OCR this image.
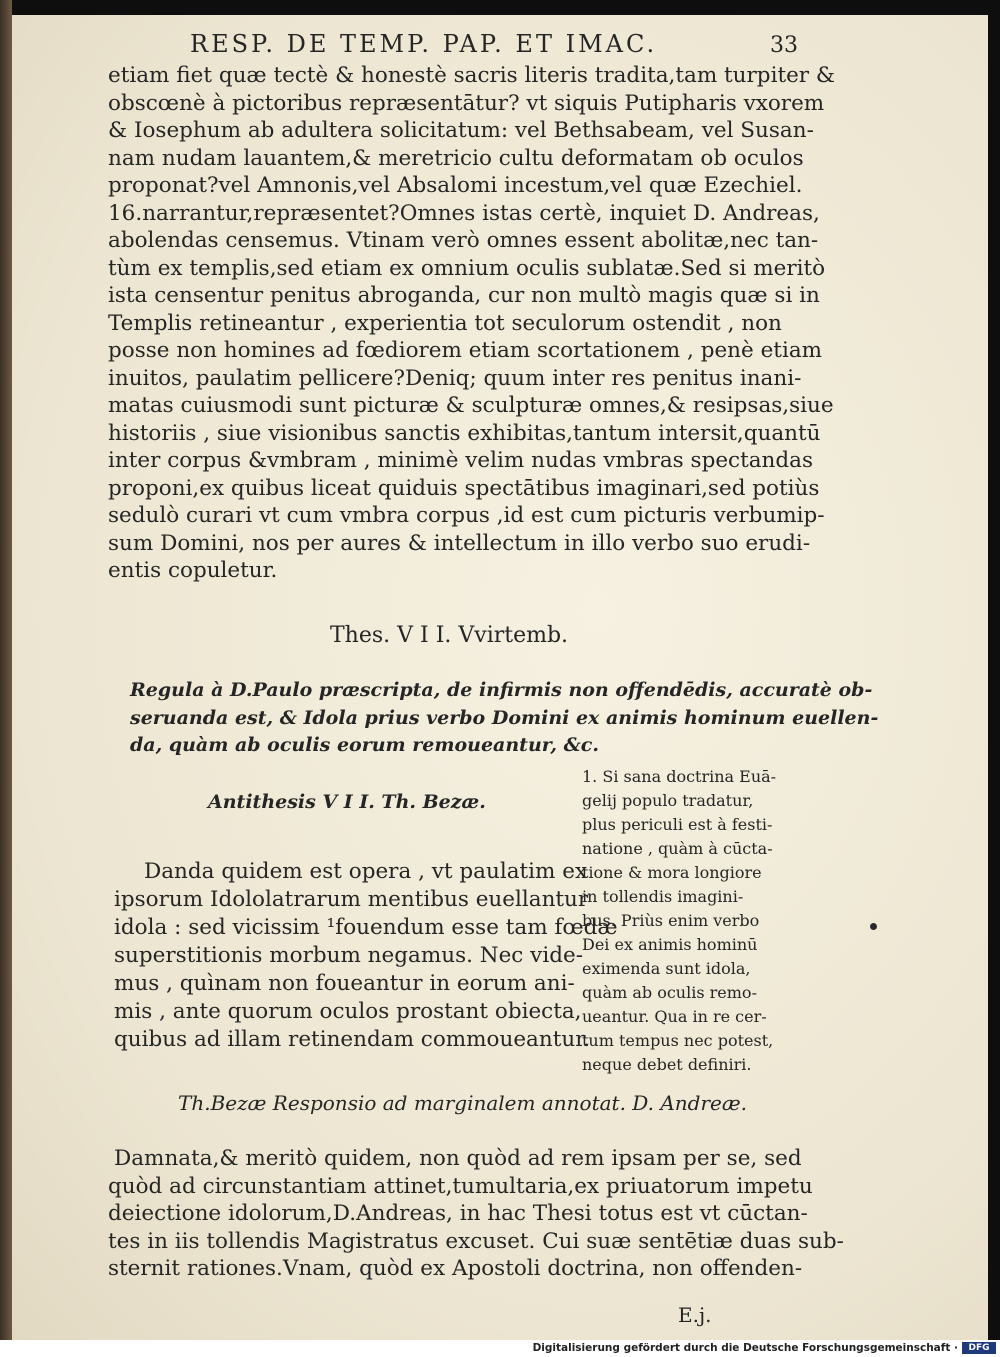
RESP. DE TEMP. PAP. ET IMAC.	33
etiam fiet quæ tectè & honestè sacris literis tradita,tam turpiter &
obscœnè à pictoribus repræsentātur? vt siquis Putipharis vxorem
& Iosephum ab adultera solicitatum: vel Bethsabeam, vel Susan-
nam nudam lauantem,& meretricio cultu deformatam ob oculos
proponat?vel Amnonis,vel Absalomi incestum,vel quæ Ezechiel.
16.narrantur,repræsentet?Omnes istas certè, inquiet D. Andreas,
abolendas censemus. Vtinam verò omnes essent abolitæ,nec tan-
tùm ex templis,sed etiam ex omnium oculis sublatæ.Sed si meritò
ista censentur penitus abroganda, cur non multò magis quæ si in
Templis retineantur , experientia tot seculorum ostendit , non
posse non homines ad fœdiorem etiam scortationem , penè etiam
inuitos, paulatim pellicere?Deniq; quum inter res penitus inani-
matas cuiusmodi sunt picturæ & sculpturæ omnes,& resipsas,siue
historiis , siue visionibus sanctis exhibitas,tantum intersit,quantū
inter corpus &vmbram , minimè velim nudas vmbras spectandas
proponi,ex quibus liceat quiduis spectātibus imaginari,sed potiùs
sedulò curari vt cum vmbra corpus ,id est cum picturis verbumip-
sum Domini, nos per aures & intellectum in illo verbo suo erudi-
entis copuletur.
Thes. V I I. Vvirtemb.
Regula à D.Paulo præscripta, de infirmis non offendēdis, accuratè ob-
seruanda est, & Idola prius verbo Domini ex animis hominum euellen-
da, quàm ab oculis eorum remoueantur, &c.
Antithesis V I I. Th. Bezæ.
Danda quidem est opera , vt paulatim ex
ipsorum Idololatrarum mentibus euellantur
idola : sed vicissim ¹fouendum esse tam fœdæ
superstitionis morbum negamus. Nec vide-
mus , quìnam non foueantur in eorum ani-
mis , ante quorum oculos prostant obiecta,
quibus ad illam retinendam commoueantur.
1. Si sana doctrina Euā-
gelij populo tradatur,
plus periculi est à festi-
natione , quàm à cūcta-
tione & mora longiore
in tollendis imagini-
bus. Priùs enim verbo
Dei ex animis hominū
eximenda sunt idola,
quàm ab oculis remo-
ueantur. Qua in re cer-
tum tempus nec potest,
neque debet definiri.
Th.Bezæ Responsio ad marginalem annotat. D. Andreæ.
Damnata,& meritò quidem, non quòd ad rem ipsam per se, sed
quòd ad circunstantiam attinet,tumultaria,ex priuatorum impetu
deiectione idolorum,D.Andreas, in hac Thesi totus est vt cūctan-
tes in iis tollendis Magistratus excuset. Cui suæ sentētiæ duas sub-
sternit rationes.Vnam, quòd ex Apostoli doctrina, non offenden-
E.j.
Digitalisierung gefördert durch die Deutsche Forschungsgemeinschaft ·	DFG
